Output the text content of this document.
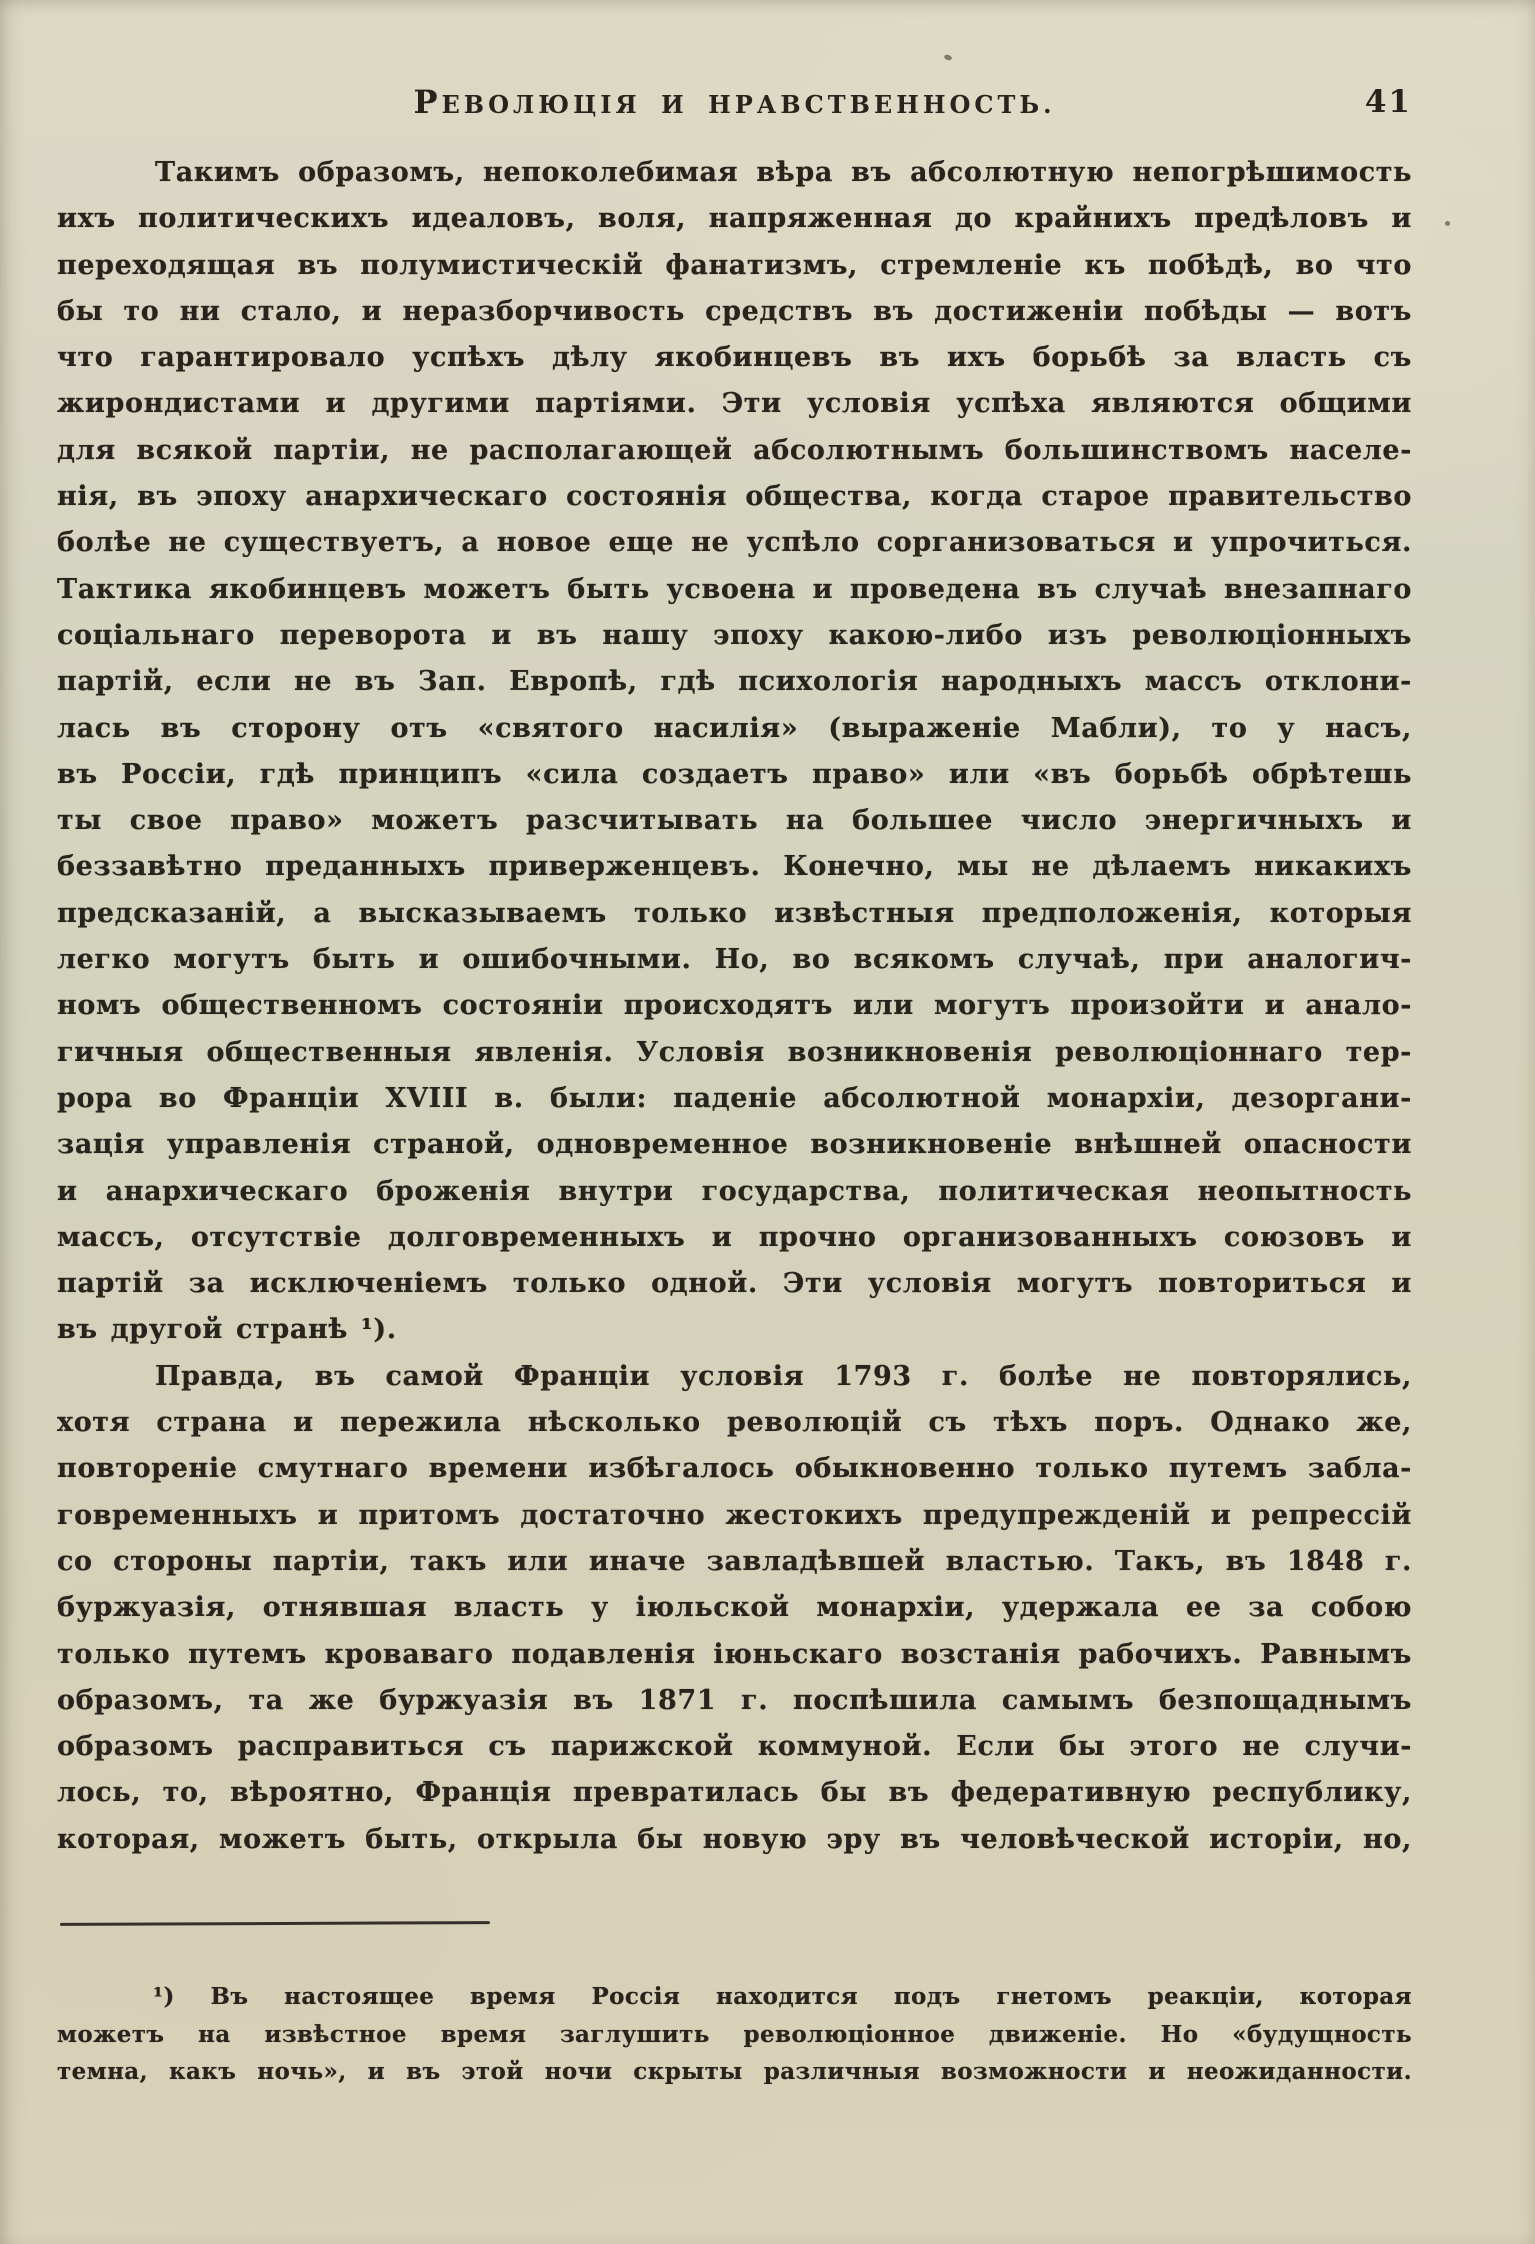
РЕВОЛЮЦІЯ И НРАВСТВЕННОСТЬ.	41
Такимъ образомъ, непоколебимая вѣра въ абсолютную непогрѣшимость
ихъ политическихъ идеаловъ, воля, напряженная до крайнихъ предѣловъ и
переходящая въ полумистическій фанатизмъ, стремленіе къ побѣдѣ, во что
бы то ни стало, и неразборчивость средствъ въ достиженіи побѣды — вотъ
что гарантировало успѣхъ дѣлу якобинцевъ въ ихъ борьбѣ за власть съ
жирондистами и другими партіями. Эти условія успѣха являются общими
для всякой партіи, не располагающей абсолютнымъ большинствомъ населе-
нія, въ эпоху анархическаго состоянія общества, когда старое правительство
болѣе не существуетъ, а новое еще не успѣло сорганизоваться и упрочиться.
Тактика якобинцевъ можетъ быть усвоена и проведена въ случаѣ внезапнаго
соціальнаго переворота и въ нашу эпоху какою-либо изъ революціонныхъ
партій, если не въ Зап. Европѣ, гдѣ психологія народныхъ массъ отклони-
лась въ сторону отъ «святого насилія» (выраженіе Мабли), то у насъ,
въ Россіи, гдѣ принципъ «сила создаетъ право» или «въ борьбѣ обрѣтешь
ты свое право» можетъ разсчитывать на большее число энергичныхъ и
беззавѣтно преданныхъ приверженцевъ. Конечно, мы не дѣлаемъ никакихъ
предсказаній, а высказываемъ только извѣстныя предположенія, которыя
легко могутъ быть и ошибочными. Но, во всякомъ случаѣ, при аналогич-
номъ общественномъ состояніи происходятъ или могутъ произойти и анало-
гичныя общественныя явленія. Условія возникновенія революціоннаго тер-
рора во Франціи XVIII в. были: паденіе абсолютной монархіи, дезоргани-
зація управленія страной, одновременное возникновеніе внѣшней опасности
и анархическаго броженія внутри государства, политическая неопытность
массъ, отсутствіе долговременныхъ и прочно организованныхъ союзовъ и
партій за исключеніемъ только одной. Эти условія могутъ повториться и
въ другой странѣ ¹).
Правда, въ самой Франціи условія 1793 г. болѣе не повторялись,
хотя страна и пережила нѣсколько революцій съ тѣхъ поръ. Однако же,
повтореніе смутнаго времени избѣгалось обыкновенно только путемъ забла-
говременныхъ и притомъ достаточно жестокихъ предупрежденій и репрессій
со стороны партіи, такъ или иначе завладѣвшей властью. Такъ, въ 1848 г.
буржуазія, отнявшая власть у іюльской монархіи, удержала ее за собою
только путемъ кроваваго подавленія іюньскаго возстанія рабочихъ. Равнымъ
образомъ, та же буржуазія въ 1871 г. поспѣшила самымъ безпощаднымъ
образомъ расправиться съ парижской коммуной. Если бы этого не случи-
лось, то, вѣроятно, Франція превратилась бы въ федеративную республику,
которая, можетъ быть, открыла бы новую эру въ человѣческой исторіи, но,
¹) Въ настоящее время Россія находится подъ гнетомъ реакціи, которая
можетъ на извѣстное время заглушить революціонное движеніе. Но «будущность
темна, какъ ночь», и въ этой ночи скрыты различныя возможности и неожиданности.
